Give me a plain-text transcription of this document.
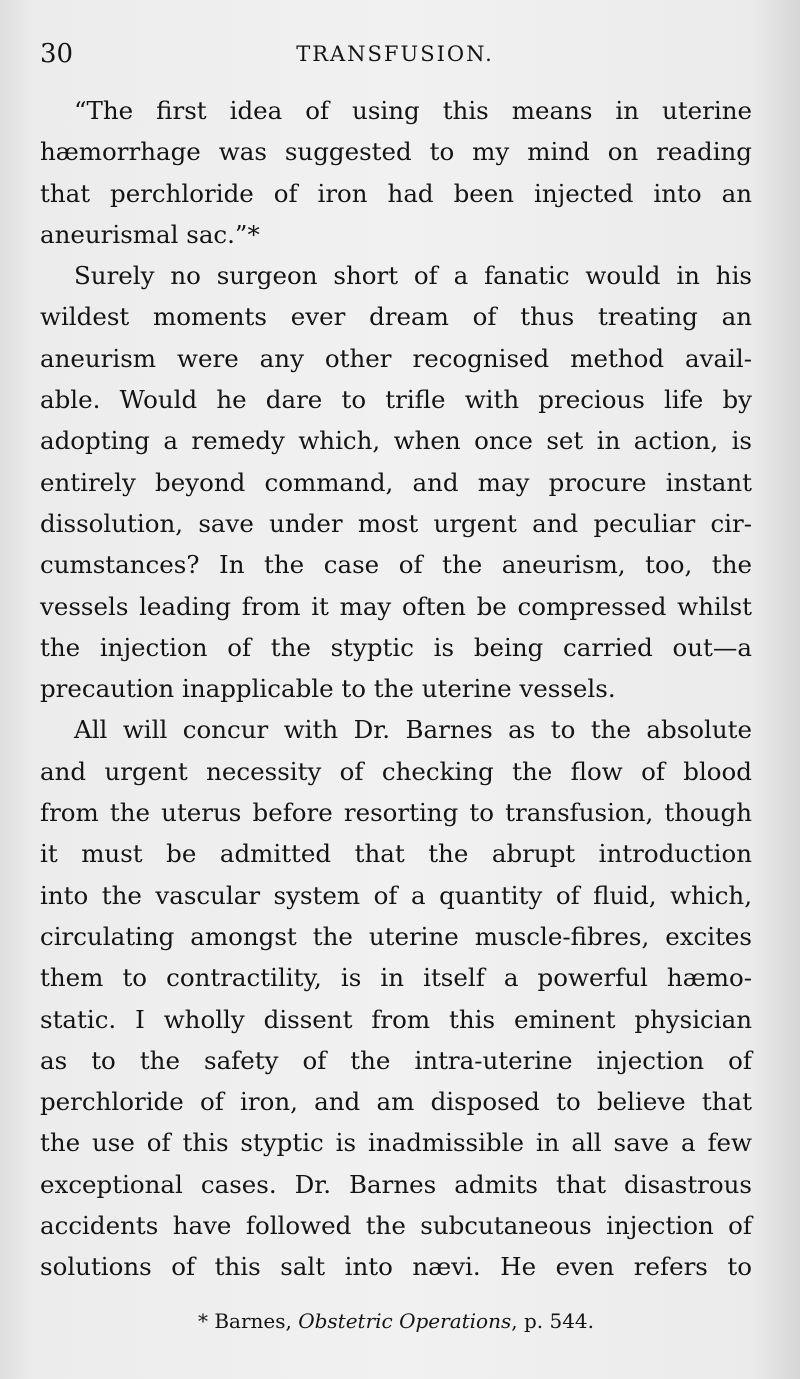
30	TRANSFUSION.
“The first idea of using this means in uterine
hæmorrhage was suggested to my mind on reading
that perchloride of iron had been injected into an
aneurismal sac.”*
Surely no surgeon short of a fanatic would in his
wildest moments ever dream of thus treating an
aneurism were any other recognised method avail-
able. Would he dare to trifle with precious life by
adopting a remedy which, when once set in action, is
entirely beyond command, and may procure instant
dissolution, save under most urgent and peculiar cir-
cumstances? In the case of the aneurism, too, the
vessels leading from it may often be compressed whilst
the injection of the styptic is being carried out—a
precaution inapplicable to the uterine vessels.
All will concur with Dr. Barnes as to the absolute
and urgent necessity of checking the flow of blood
from the uterus before resorting to transfusion, though
it must be admitted that the abrupt introduction
into the vascular system of a quantity of fluid, which,
circulating amongst the uterine muscle-fibres, excites
them to contractility, is in itself a powerful hæmo-
static. I wholly dissent from this eminent physician
as to the safety of the intra-uterine injection of
perchloride of iron, and am disposed to believe that
the use of this styptic is inadmissible in all save a few
exceptional cases. Dr. Barnes admits that disastrous
accidents have followed the subcutaneous injection of
solutions of this salt into nævi. He even refers to
* Barnes, Obstetric Operations, p. 544.
